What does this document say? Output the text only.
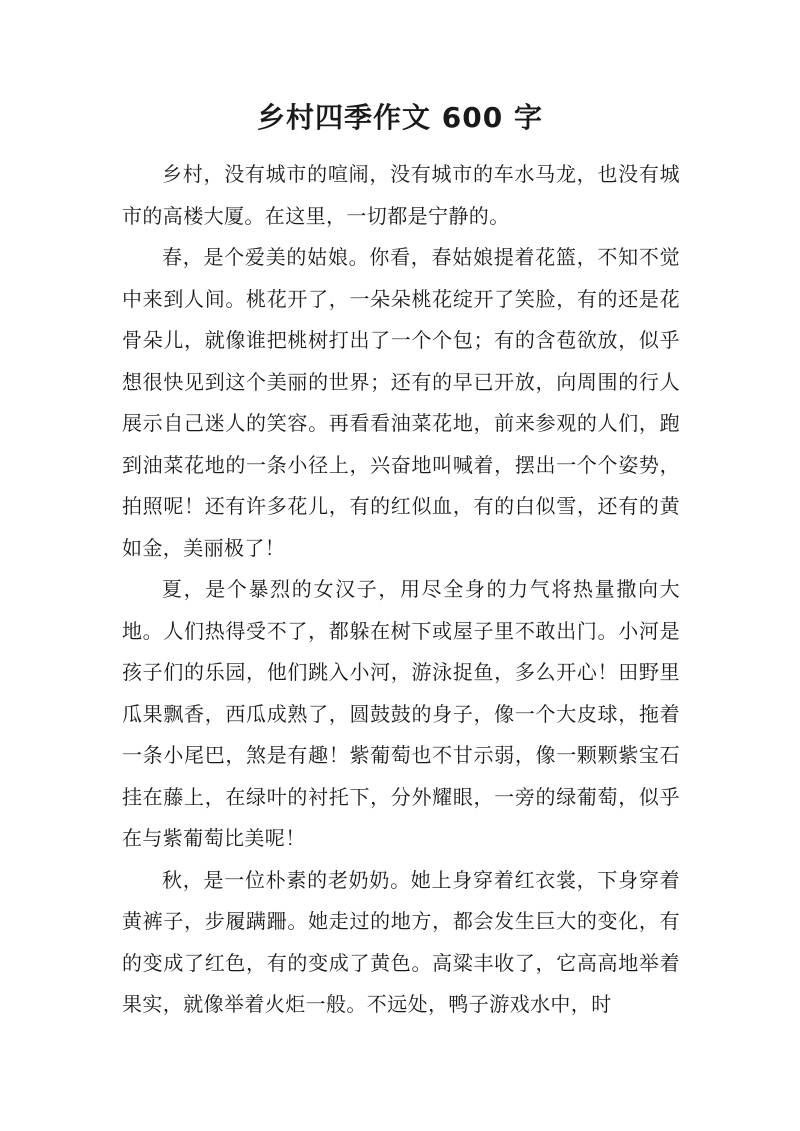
乡村四季作文 600 字

乡村，没有城市的喧闹，没有城市的车水马龙，也没有城市的高楼大厦。在这里，一切都是宁静的。

春，是个爱美的姑娘。你看，春姑娘提着花篮，不知不觉中来到人间。桃花开了，一朵朵桃花绽开了笑脸，有的还是花骨朵儿，就像谁把桃树打出了一个个包；有的含苞欲放，似乎想很快见到这个美丽的世界；还有的早已开放，向周围的行人展示自己迷人的笑容。再看看油菜花地，前来参观的人们，跑到油菜花地的一条小径上，兴奋地叫喊着，摆出一个个姿势，拍照呢！还有许多花儿，有的红似血，有的白似雪，还有的黄如金，美丽极了！

夏，是个暴烈的女汉子，用尽全身的力气将热量撒向大地。人们热得受不了，都躲在树下或屋子里不敢出门。小河是孩子们的乐园，他们跳入小河，游泳捉鱼，多么开心！田野里瓜果飘香，西瓜成熟了，圆鼓鼓的身子，像一个大皮球，拖着一条小尾巴，煞是有趣！紫葡萄也不甘示弱，像一颗颗紫宝石挂在藤上，在绿叶的衬托下，分外耀眼，一旁的绿葡萄，似乎在与紫葡萄比美呢！

秋，是一位朴素的老奶奶。她上身穿着红衣裳，下身穿着黄裤子，步履蹒跚。她走过的地方，都会发生巨大的变化，有的变成了红色，有的变成了黄色。高粱丰收了，它高高地举着果实，就像举着火炬一般。不远处，鸭子游戏水中，时
